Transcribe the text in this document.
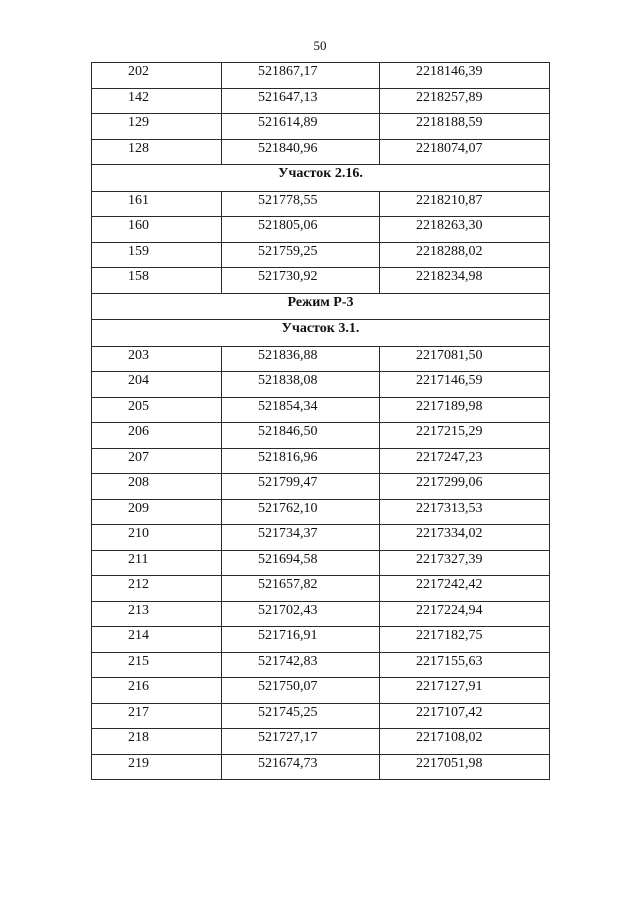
50
202	521867,17	2218146,39
142	521647,13	2218257,89
129	521614,89	2218188,59
128	521840,96	2218074,07
Участок 2.16.		
161	521778,55	2218210,87
160	521805,06	2218263,30
159	521759,25	2218288,02
158	521730,92	2218234,98
Режим Р-3		
Участок 3.1.		
203	521836,88	2217081,50
204	521838,08	2217146,59
205	521854,34	2217189,98
206	521846,50	2217215,29
207	521816,96	2217247,23
208	521799,47	2217299,06
209	521762,10	2217313,53
210	521734,37	2217334,02
211	521694,58	2217327,39
212	521657,82	2217242,42
213	521702,43	2217224,94
214	521716,91	2217182,75
215	521742,83	2217155,63
216	521750,07	2217127,91
217	521745,25	2217107,42
218	521727,17	2217108,02
219	521674,73	2217051,98
